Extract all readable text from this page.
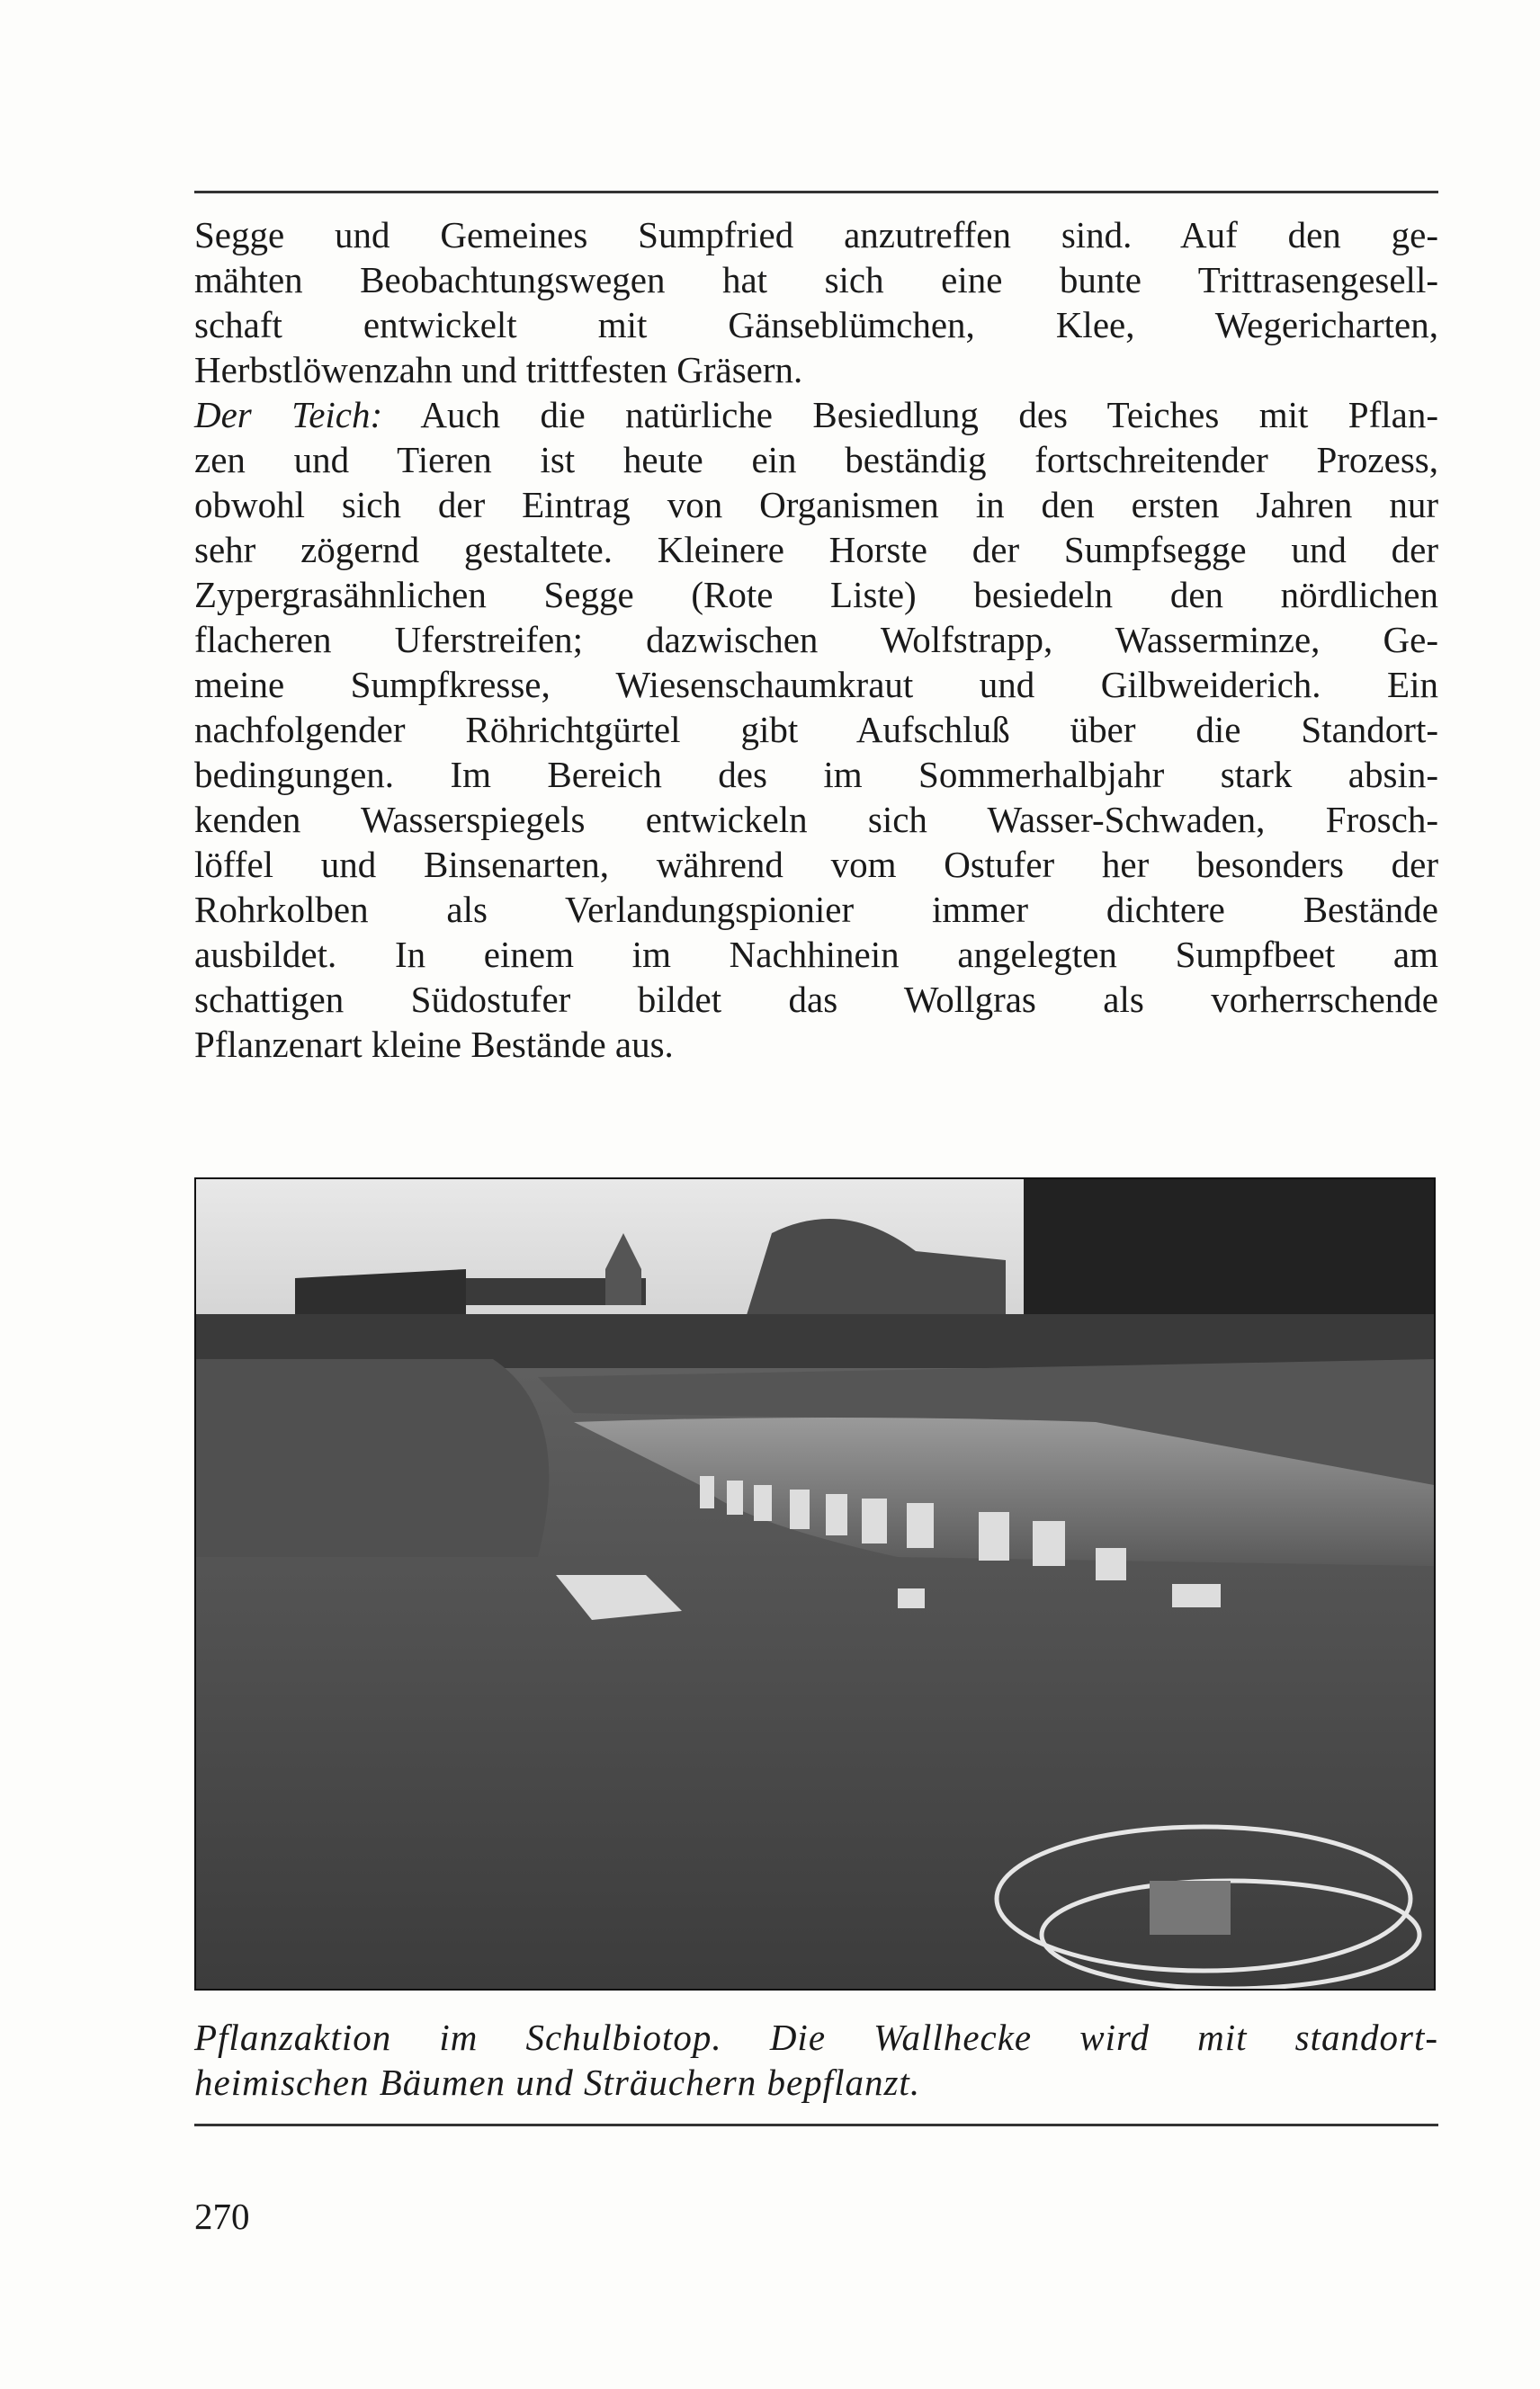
Segge und Gemeines Sumpfried anzutreffen sind. Auf den ge-
mähten Beobachtungswegen hat sich eine bunte Trittrasengesell-
schaft entwickelt mit Gänseblümchen, Klee, Wegericharten,
Herbstlöwenzahn und trittfesten Gräsern.
Der Teich: Auch die natürliche Besiedlung des Teiches mit Pflan-
zen und Tieren ist heute ein beständig fortschreitender Prozess,
obwohl sich der Eintrag von Organismen in den ersten Jahren nur
sehr zögernd gestaltete. Kleinere Horste der Sumpfsegge und der
Zypergrasähnlichen Segge (Rote Liste) besiedeln den nördlichen
flacheren Uferstreifen; dazwischen Wolfstrapp, Wasserminze, Ge-
meine Sumpfkresse, Wiesenschaumkraut und Gilbweiderich. Ein
nachfolgender Röhrichtgürtel gibt Aufschluß über die Standort-
bedingungen. Im Bereich des im Sommerhalbjahr stark absin-
kenden Wasserspiegels entwickeln sich Wasser-Schwaden, Frosch-
löffel und Binsenarten, während vom Ostufer her besonders der
Rohrkolben als Verlandungspionier immer dichtere Bestände
ausbildet. In einem im Nachhinein angelegten Sumpfbeet am
schattigen Südostufer bildet das Wollgras als vorherrschende
Pflanzenart kleine Bestände aus.
Pflanzaktion im Schulbiotop. Die Wallhecke wird mit standort-
heimischen Bäumen und Sträuchern bepflanzt.
270
